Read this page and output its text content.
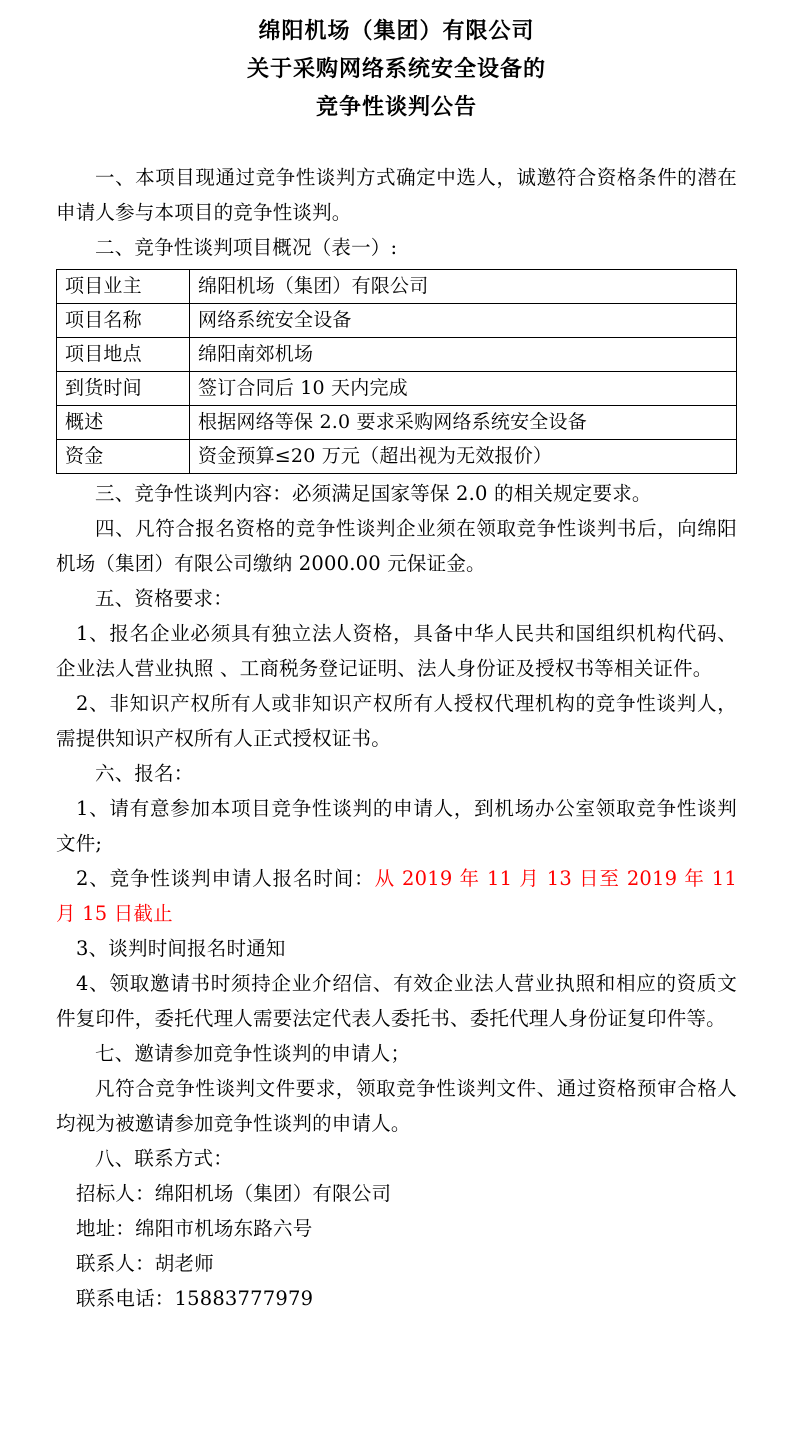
绵阳机场（集团）有限公司
关于采购网络系统安全设备的
竞争性谈判公告

一、本项目现通过竞争性谈判方式确定中选人，诚邀符合资格条件的潜在申请人参与本项目的竞争性谈判。

二、竞争性谈判项目概况（表一）:

项目业主	绵阳机场（集团）有限公司
项目名称	网络系统安全设备
项目地点	绵阳南郊机场
到货时间	签订合同后 10 天内完成
概述	根据网络等保 2.0 要求采购网络系统安全设备
资金	资金预算≤20 万元（超出视为无效报价）

三、竞争性谈判内容：必须满足国家等保 2.0 的相关规定要求。

四、凡符合报名资格的竞争性谈判企业须在领取竞争性谈判书后，向绵阳机场（集团）有限公司缴纳 2000.00 元保证金。

五、资格要求：

1、报名企业必须具有独立法人资格，具备中华人民共和国组织机构代码、企业法人营业执照 、工商税务登记证明、法人身份证及授权书等相关证件。

2、非知识产权所有人或非知识产权所有人授权代理机构的竞争性谈判人，需提供知识产权所有人正式授权证书。

六、报名：

1、请有意参加本项目竞争性谈判的申请人，到机场办公室领取竞争性谈判文件;

2、竞争性谈判申请人报名时间：从 2019 年 11 月 13 日至 2019 年 11 月 15 日截止

3、谈判时间报名时通知

4、领取邀请书时须持企业介绍信、有效企业法人营业执照和相应的资质文件复印件，委托代理人需要法定代表人委托书、委托代理人身份证复印件等。

七、邀请参加竞争性谈判的申请人；

凡符合竞争性谈判文件要求，领取竞争性谈判文件、通过资格预审合格人均视为被邀请参加竞争性谈判的申请人。

八、联系方式：

招标人：绵阳机场（集团）有限公司

地址：绵阳市机场东路六号

联系人：胡老师

联系电话：15883777979
